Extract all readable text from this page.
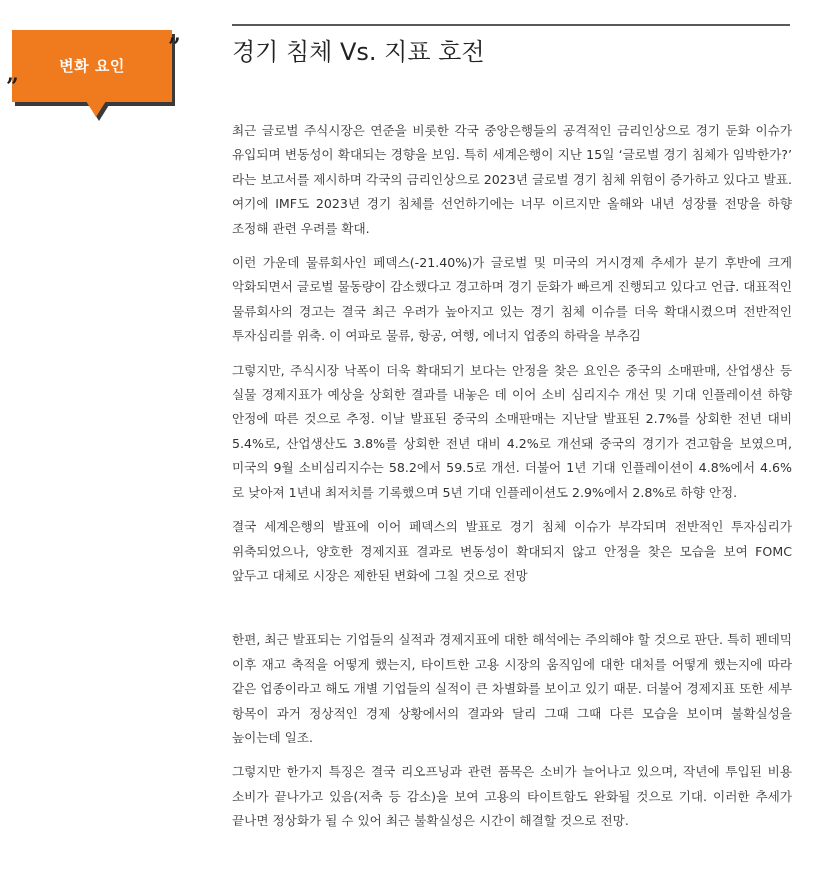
변화 요인
”
”
경기 침체 Vs. 지표 호전

최근 글로벌 주식시장은 연준을 비롯한 각국 중앙은행들의 공격적인 금리인상으로 경기 둔화 이슈가 유입되며 변동성이 확대되는 경향을 보임. 특히 세계은행이 지난 15일 ‘글로벌 경기 침체가 임박한가?’ 라는 보고서를 제시하며 각국의 금리인상으로 2023년 글로벌 경기 침체 위험이 증가하고 있다고 발표. 여기에 IMF도 2023년 경기 침체를 선언하기에는 너무 이르지만 올해와 내년 성장률 전망을 하향 조정해 관련 우려를 확대.

이런 가운데 물류회사인 페덱스(-21.40%)가 글로벌 및 미국의 거시경제 추세가 분기 후반에 크게 악화되면서 글로벌 물동량이 감소했다고 경고하며 경기 둔화가 빠르게 진행되고 있다고 언급. 대표적인 물류회사의 경고는 결국 최근 우려가 높아지고 있는 경기 침체 이슈를 더욱 확대시켰으며 전반적인 투자심리를 위축. 이 여파로 물류, 항공, 여행, 에너지 업종의 하락을 부추김

그렇지만, 주식시장 낙폭이 더욱 확대되기 보다는 안정을 찾은 요인은 중국의 소매판매, 산업생산 등 실물 경제지표가 예상을 상회한 결과를 내놓은 데 이어 소비 심리지수 개선 및 기대 인플레이션 하향 안정에 따른 것으로 추정. 이날 발표된 중국의 소매판매는 지난달 발표된 2.7%를 상회한 전년 대비 5.4%로, 산업생산도 3.8%를 상회한 전년 대비 4.2%로 개선돼 중국의 경기가 견고함을 보였으며, 미국의 9월 소비심리지수는 58.2에서 59.5로 개선. 더불어 1년 기대 인플레이션이 4.8%에서 4.6%로 낮아져 1년내 최저치를 기록했으며 5년 기대 인플레이션도 2.9%에서 2.8%로 하향 안정.

결국 세계은행의 발표에 이어 페덱스의 발표로 경기 침체 이슈가 부각되며 전반적인 투자심리가 위축되었으나, 양호한 경제지표 결과로 변동성이 확대되지 않고 안정을 찾은 모습을 보여 FOMC 앞두고 대체로 시장은 제한된 변화에 그칠 것으로 전망

한편, 최근 발표되는 기업들의 실적과 경제지표에 대한 해석에는 주의해야 할 것으로 판단. 특히 펜데믹 이후 재고 축적을 어떻게 했는지, 타이트한 고용 시장의 움직임에 대한 대처를 어떻게 했는지에 따라 같은 업종이라고 해도 개별 기업들의 실적이 큰 차별화를 보이고 있기 때문. 더불어 경제지표 또한 세부 항목이 과거 정상적인 경제 상황에서의 결과와 달리 그때 그때 다른 모습을 보이며 불확실성을 높이는데 일조.

그렇지만 한가지 특징은 결국 리오프닝과 관련 품목은 소비가 늘어나고 있으며, 작년에 투입된 비용 소비가 끝나가고 있음(저축 등 감소)을 보여 고용의 타이트함도 완화될 것으로 기대. 이러한 추세가 끝나면 정상화가 될 수 있어 최근 불확실성은 시간이 해결할 것으로 전망.
